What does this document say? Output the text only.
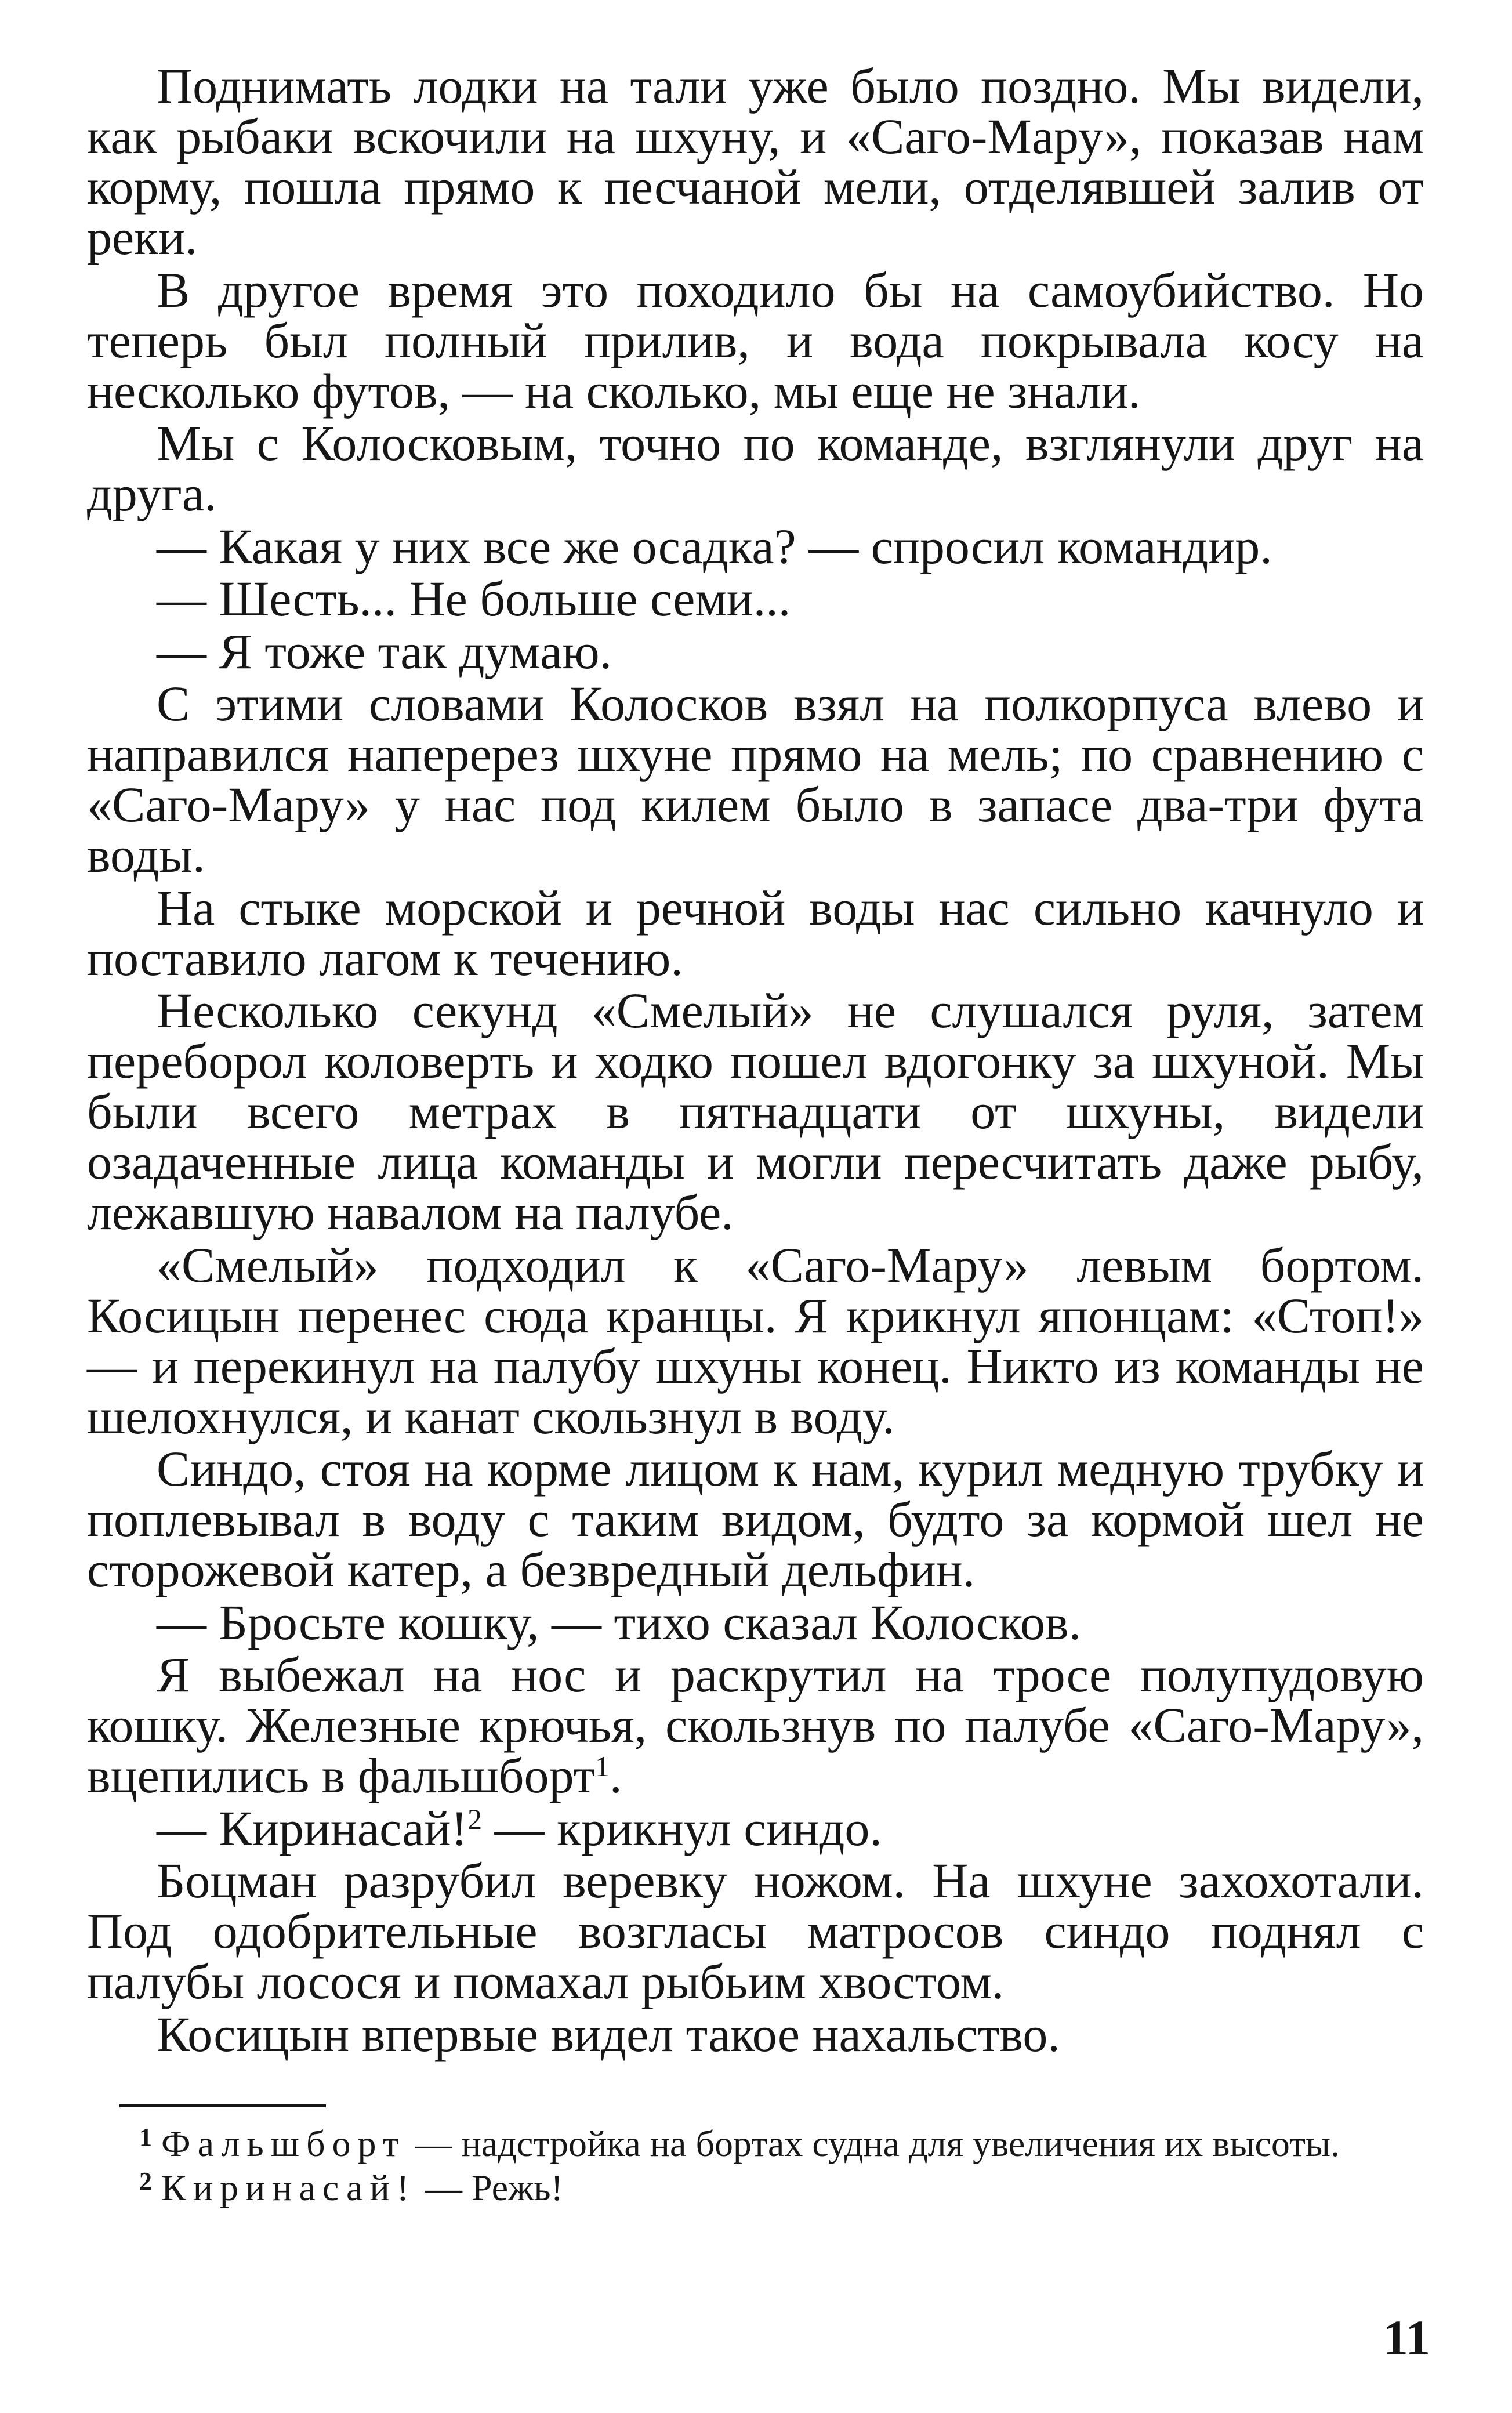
Поднимать лодки на тали уже было поздно. Мы видели, как рыбаки вскочили на шхуну, и «Саго-Мару», показав нам корму, пошла прямо к песчаной мели, отделявшей залив от реки.

В другое время это походило бы на самоубийство. Но теперь был полный прилив, и вода покрывала косу на несколько футов, — на сколько, мы еще не знали.

Мы с Колосковым, точно по команде, взглянули друг на друга.

— Какая у них все же осадка? — спросил командир.

— Шесть... Не больше семи...

— Я тоже так думаю.

С этими словами Колосков взял на полкорпуса влево и направился наперерез шхуне прямо на мель; по сравнению с «Саго-Мару» у нас под килем было в запасе два-три фута воды.

На стыке морской и речной воды нас сильно качнуло и поставило лагом к течению.

Несколько секунд «Смелый» не слушался руля, затем переборол коловерть и ходко пошел вдогонку за шхуной. Мы были всего метрах в пятнадцати от шхуны, видели озадаченные лица команды и могли пересчитать даже рыбу, лежавшую навалом на палубе.

«Смелый» подходил к «Саго-Мару» левым бортом. Косицын перенес сюда кранцы. Я крикнул японцам: «Стоп!» — и перекинул на палубу шхуны конец. Никто из команды не шелохнулся, и канат скользнул в воду.

Синдо, стоя на корме лицом к нам, курил медную трубку и поплевывал в воду с таким видом, будто за кормой шел не сторожевой катер, а безвредный дельфин.

— Бросьте кошку, — тихо сказал Колосков.

Я выбежал на нос и раскрутил на тросе полупудовую кошку. Железные крючья, скользнув по палубе «Саго-Мару», вцепились в фальшборт$^1$.

— Киринасай!$^2$ — крикнул синдо.

Боцман разрубил веревку ножом. На шхуне захохотали. Под одобрительные возгласы матросов синдо поднял с палубы лосося и помахал рыбьим хвостом.

Косицын впервые видел такое нахальство.

$^1$ Фальшборт — надстройка на бортах судна для увеличения их высоты.

$^2$ Киринасай! — Режь!

11
